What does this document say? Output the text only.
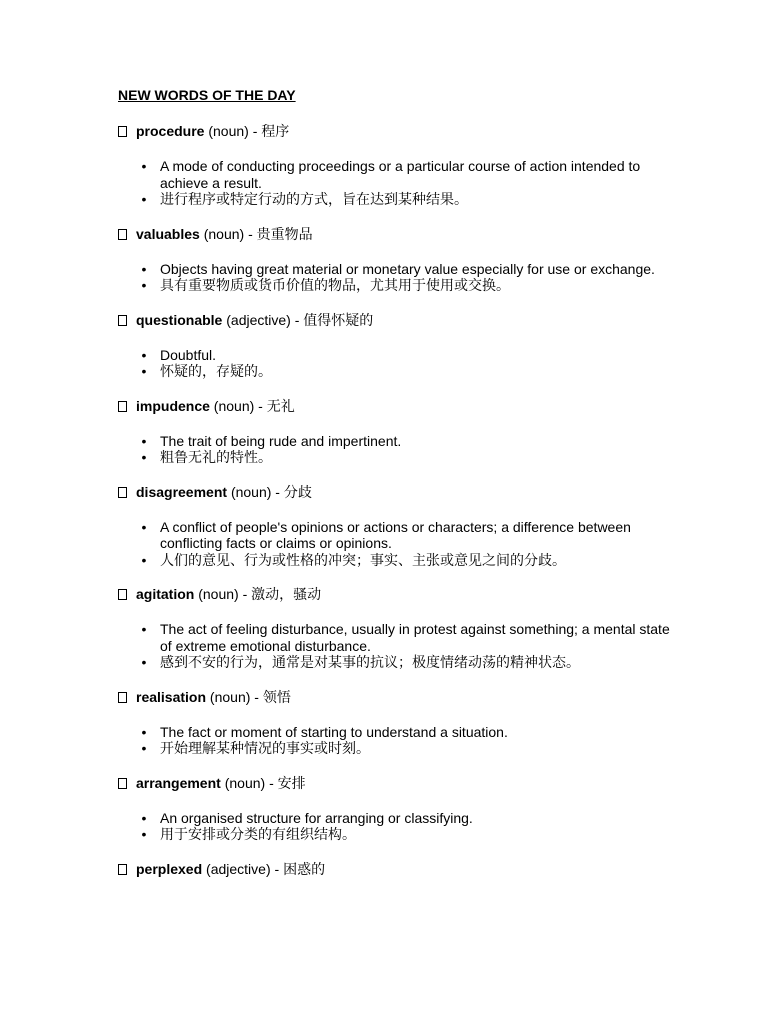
NEW WORDS OF THE DAY
procedure
(noun)
-
程序
• A mode of conducting proceedings or a particular course of action intended to achieve a result.
• 进行程序或特定行动的方式，旨在达到某种结果。
valuables
(noun)
-
贵重物品
• Objects having great material or monetary value especially for use or exchange.
• 具有重要物质或货币价值的物品，尤其用于使用或交换。
questionable
(adjective)
-
值得怀疑的
• Doubtful.
• 怀疑的，存疑的。
impudence
(noun)
-
无礼
• The trait of being rude and impertinent.
• 粗鲁无礼的特性。
disagreement
(noun)
-
分歧
• A conflict of people's opinions or actions or characters; a difference between conflicting facts or claims or opinions.
• 人们的意见、行为或性格的冲突；事实、主张或意见之间的分歧。
agitation
(noun)
-
激动，骚动
• The act of feeling disturbance, usually in protest against something; a mental state of extreme emotional disturbance.
• 感到不安的行为，通常是对某事的抗议；极度情绪动荡的精神状态。
realisation
(noun)
-
领悟
• The fact or moment of starting to understand a situation.
• 开始理解某种情况的事实或时刻。
arrangement
(noun)
-
安排
• An organised structure for arranging or classifying.
• 用于安排或分类的有组织结构。
perplexed
(adjective)
-
困惑的
